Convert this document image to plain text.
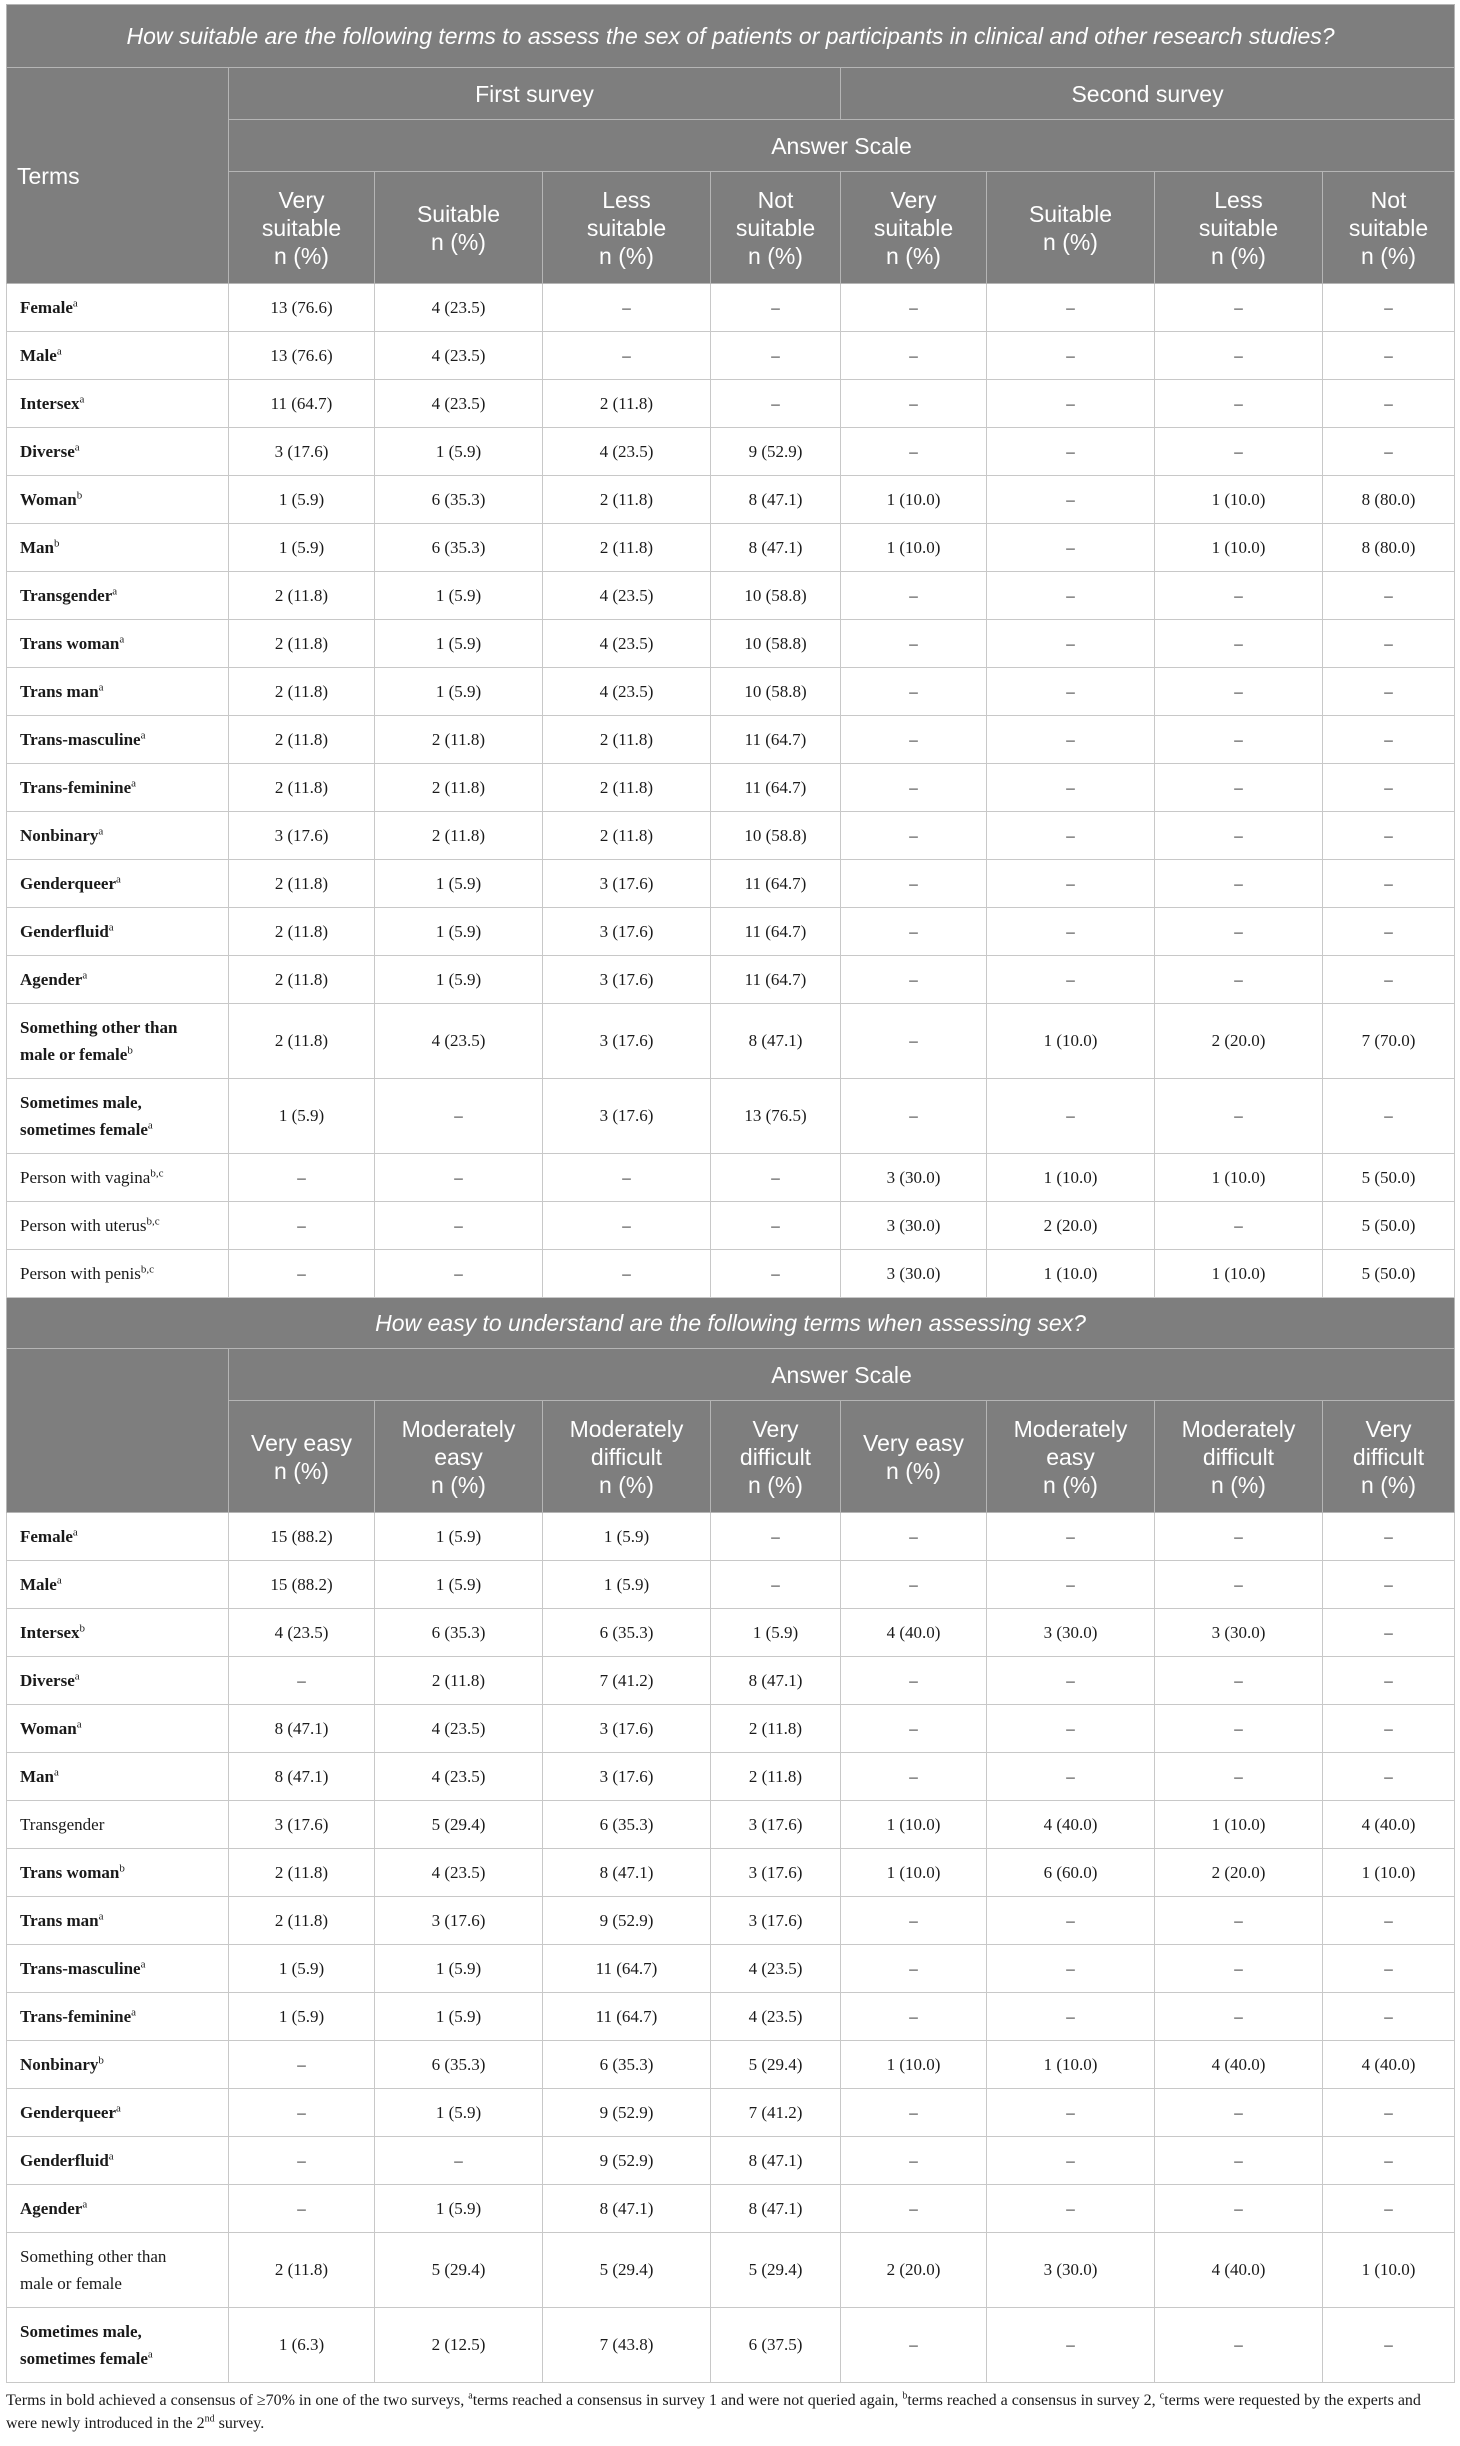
How suitable are the following terms to assess the sex of patients or participants in clinical and other research studies?								
Terms	First survey				Second survey			
	Answer Scale							
	Very
suitable
n (%)	Suitable
n (%)	Less
suitable
n (%)	Not
suitable
n (%)	Very
suitable
n (%)	Suitable
n (%)	Less
suitable
n (%)	Not
suitable
n (%)
Female$^a$	13 (76.6)	4 (23.5)	–	–	–	–	–	–
Male$^a$	13 (76.6)	4 (23.5)	–	–	–	–	–	–
Intersex$^a$	11 (64.7)	4 (23.5)	2 (11.8)	–	–	–	–	–
Diverse$^a$	3 (17.6)	1 (5.9)	4 (23.5)	9 (52.9)	–	–	–	–
Woman$^b$	1 (5.9)	6 (35.3)	2 (11.8)	8 (47.1)	1 (10.0)	–	1 (10.0)	8 (80.0)
Man$^b$	1 (5.9)	6 (35.3)	2 (11.8)	8 (47.1)	1 (10.0)	–	1 (10.0)	8 (80.0)
Transgender$^a$	2 (11.8)	1 (5.9)	4 (23.5)	10 (58.8)	–	–	–	–
Trans woman$^a$	2 (11.8)	1 (5.9)	4 (23.5)	10 (58.8)	–	–	–	–
Trans man$^a$	2 (11.8)	1 (5.9)	4 (23.5)	10 (58.8)	–	–	–	–
Trans-masculine$^a$	2 (11.8)	2 (11.8)	2 (11.8)	11 (64.7)	–	–	–	–
Trans-feminine$^a$	2 (11.8)	2 (11.8)	2 (11.8)	11 (64.7)	–	–	–	–
Nonbinary$^a$	3 (17.6)	2 (11.8)	2 (11.8)	10 (58.8)	–	–	–	–
Genderqueer$^a$	2 (11.8)	1 (5.9)	3 (17.6)	11 (64.7)	–	–	–	–
Genderfluid$^a$	2 (11.8)	1 (5.9)	3 (17.6)	11 (64.7)	–	–	–	–
Agender$^a$	2 (11.8)	1 (5.9)	3 (17.6)	11 (64.7)	–	–	–	–
Something other than
male or female$^b$	2 (11.8)	4 (23.5)	3 (17.6)	8 (47.1)	–	1 (10.0)	2 (20.0)	7 (70.0)
Sometimes male,
sometimes female$^a$	1 (5.9)	–	3 (17.6)	13 (76.5)	–	–	–	–
Person with vagina$^{b,c}$	–	–	–	–	3 (30.0)	1 (10.0)	1 (10.0)	5 (50.0)
Person with uterus$^{b,c}$	–	–	–	–	3 (30.0)	2 (20.0)	–	5 (50.0)
Person with penis$^{b,c}$	–	–	–	–	3 (30.0)	1 (10.0)	1 (10.0)	5 (50.0)
How easy to understand are the following terms when assessing sex?								
	Answer Scale							
	Very easy
n (%)	Moderately
easy
n (%)	Moderately
difficult
n (%)	Very
difficult
n (%)	Very easy
n (%)	Moderately
easy
n (%)	Moderately
difficult
n (%)	Very
difficult
n (%)
Female$^a$	15 (88.2)	1 (5.9)	1 (5.9)	–	–	–	–	–
Male$^a$	15 (88.2)	1 (5.9)	1 (5.9)	–	–	–	–	–
Intersex$^b$	4 (23.5)	6 (35.3)	6 (35.3)	1 (5.9)	4 (40.0)	3 (30.0)	3 (30.0)	–
Diverse$^a$	–	2 (11.8)	7 (41.2)	8 (47.1)	–	–	–	–
Woman$^a$	8 (47.1)	4 (23.5)	3 (17.6)	2 (11.8)	–	–	–	–
Man$^a$	8 (47.1)	4 (23.5)	3 (17.6)	2 (11.8)	–	–	–	–
Transgender	3 (17.6)	5 (29.4)	6 (35.3)	3 (17.6)	1 (10.0)	4 (40.0)	1 (10.0)	4 (40.0)
Trans woman$^b$	2 (11.8)	4 (23.5)	8 (47.1)	3 (17.6)	1 (10.0)	6 (60.0)	2 (20.0)	1 (10.0)
Trans man$^a$	2 (11.8)	3 (17.6)	9 (52.9)	3 (17.6)	–	–	–	–
Trans-masculine$^a$	1 (5.9)	1 (5.9)	11 (64.7)	4 (23.5)	–	–	–	–
Trans-feminine$^a$	1 (5.9)	1 (5.9)	11 (64.7)	4 (23.5)	–	–	–	–
Nonbinary$^b$	–	6 (35.3)	6 (35.3)	5 (29.4)	1 (10.0)	1 (10.0)	4 (40.0)	4 (40.0)
Genderqueer$^a$	–	1 (5.9)	9 (52.9)	7 (41.2)	–	–	–	–
Genderfluid$^a$	–	–	9 (52.9)	8 (47.1)	–	–	–	–
Agender$^a$	–	1 (5.9)	8 (47.1)	8 (47.1)	–	–	–	–
Something other than
male or female	2 (11.8)	5 (29.4)	5 (29.4)	5 (29.4)	2 (20.0)	3 (30.0)	4 (40.0)	1 (10.0)
Sometimes male,
sometimes female$^a$	1 (6.3)	2 (12.5)	7 (43.8)	6 (37.5)	–	–	–	–
Terms in bold achieved a consensus of ≥70% in one of the two surveys, $^a$terms reached a consensus in survey 1 and were not queried again, $^b$terms reached a consensus in survey 2, $^c$terms were requested by the experts and were newly introduced in the 2nd survey.
